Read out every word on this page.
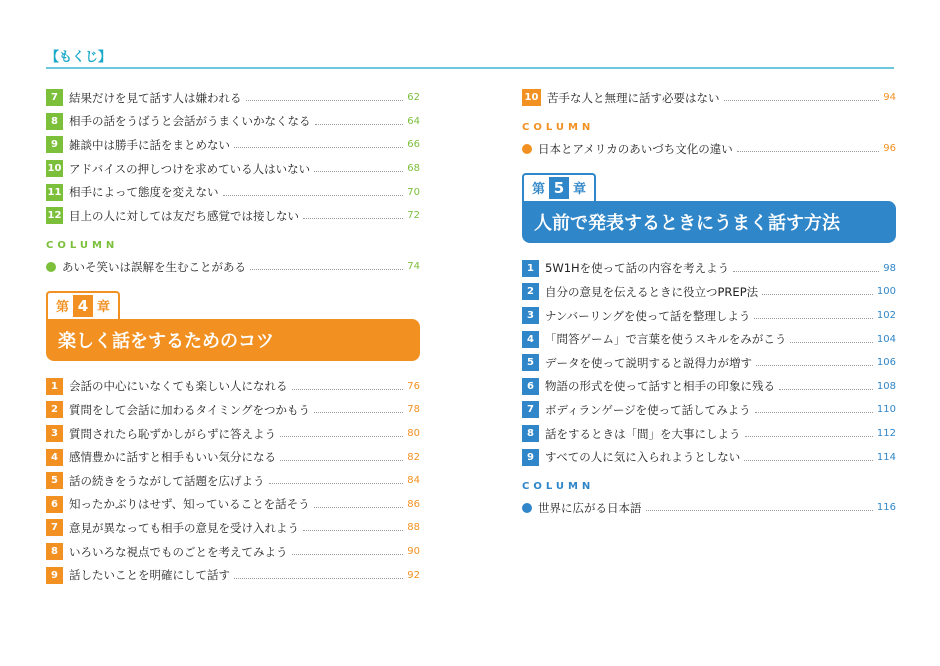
【もくじ】
7 結果だけを見て話す人は嫌われる	62
8 相手の話をうばうと会話がうまくいかなくなる	64
9 雑談中は勝手に話をまとめない	66
10 アドバイスの押しつけを求めている人はいない	68
11 相手によって態度を変えない	70
12 目上の人に対しては友だち感覚では接しない	72
COLUMN
あいそ笑いは誤解を生むことがある	74
第 4 章
楽しく話をするためのコツ
1 会話の中心にいなくても楽しい人になれる	76
2 質問をして会話に加わるタイミングをつかもう	78
3 質問されたら恥ずかしがらずに答えよう	80
4 感情豊かに話すと相手もいい気分になる	82
5 話の続きをうながして話題を広げよう	84
6 知ったかぶりはせず、知っていることを話そう	86
7 意見が異なっても相手の意見を受け入れよう	88
8 いろいろな視点でものごとを考えてみよう	90
9 話したいことを明確にして話す	92
10 苦手な人と無理に話す必要はない	94
COLUMN
日本とアメリカのあいづち文化の違い	96
第 5 章
人前で発表するときにうまく話す方法
1 5W1Hを使って話の内容を考えよう	98
2 自分の意見を伝えるときに役立つPREP法	100
3 ナンバーリングを使って話を整理しよう	102
4 「問答ゲーム」で言葉を使うスキルをみがこう	104
5 データを使って説明すると説得力が増す	106
6 物語の形式を使って話すと相手の印象に残る	108
7 ボディランゲージを使って話してみよう	110
8 話をするときは「間」を大事にしよう	112
9 すべての人に気に入られようとしない	114
COLUMN
世界に広がる日本語	116
